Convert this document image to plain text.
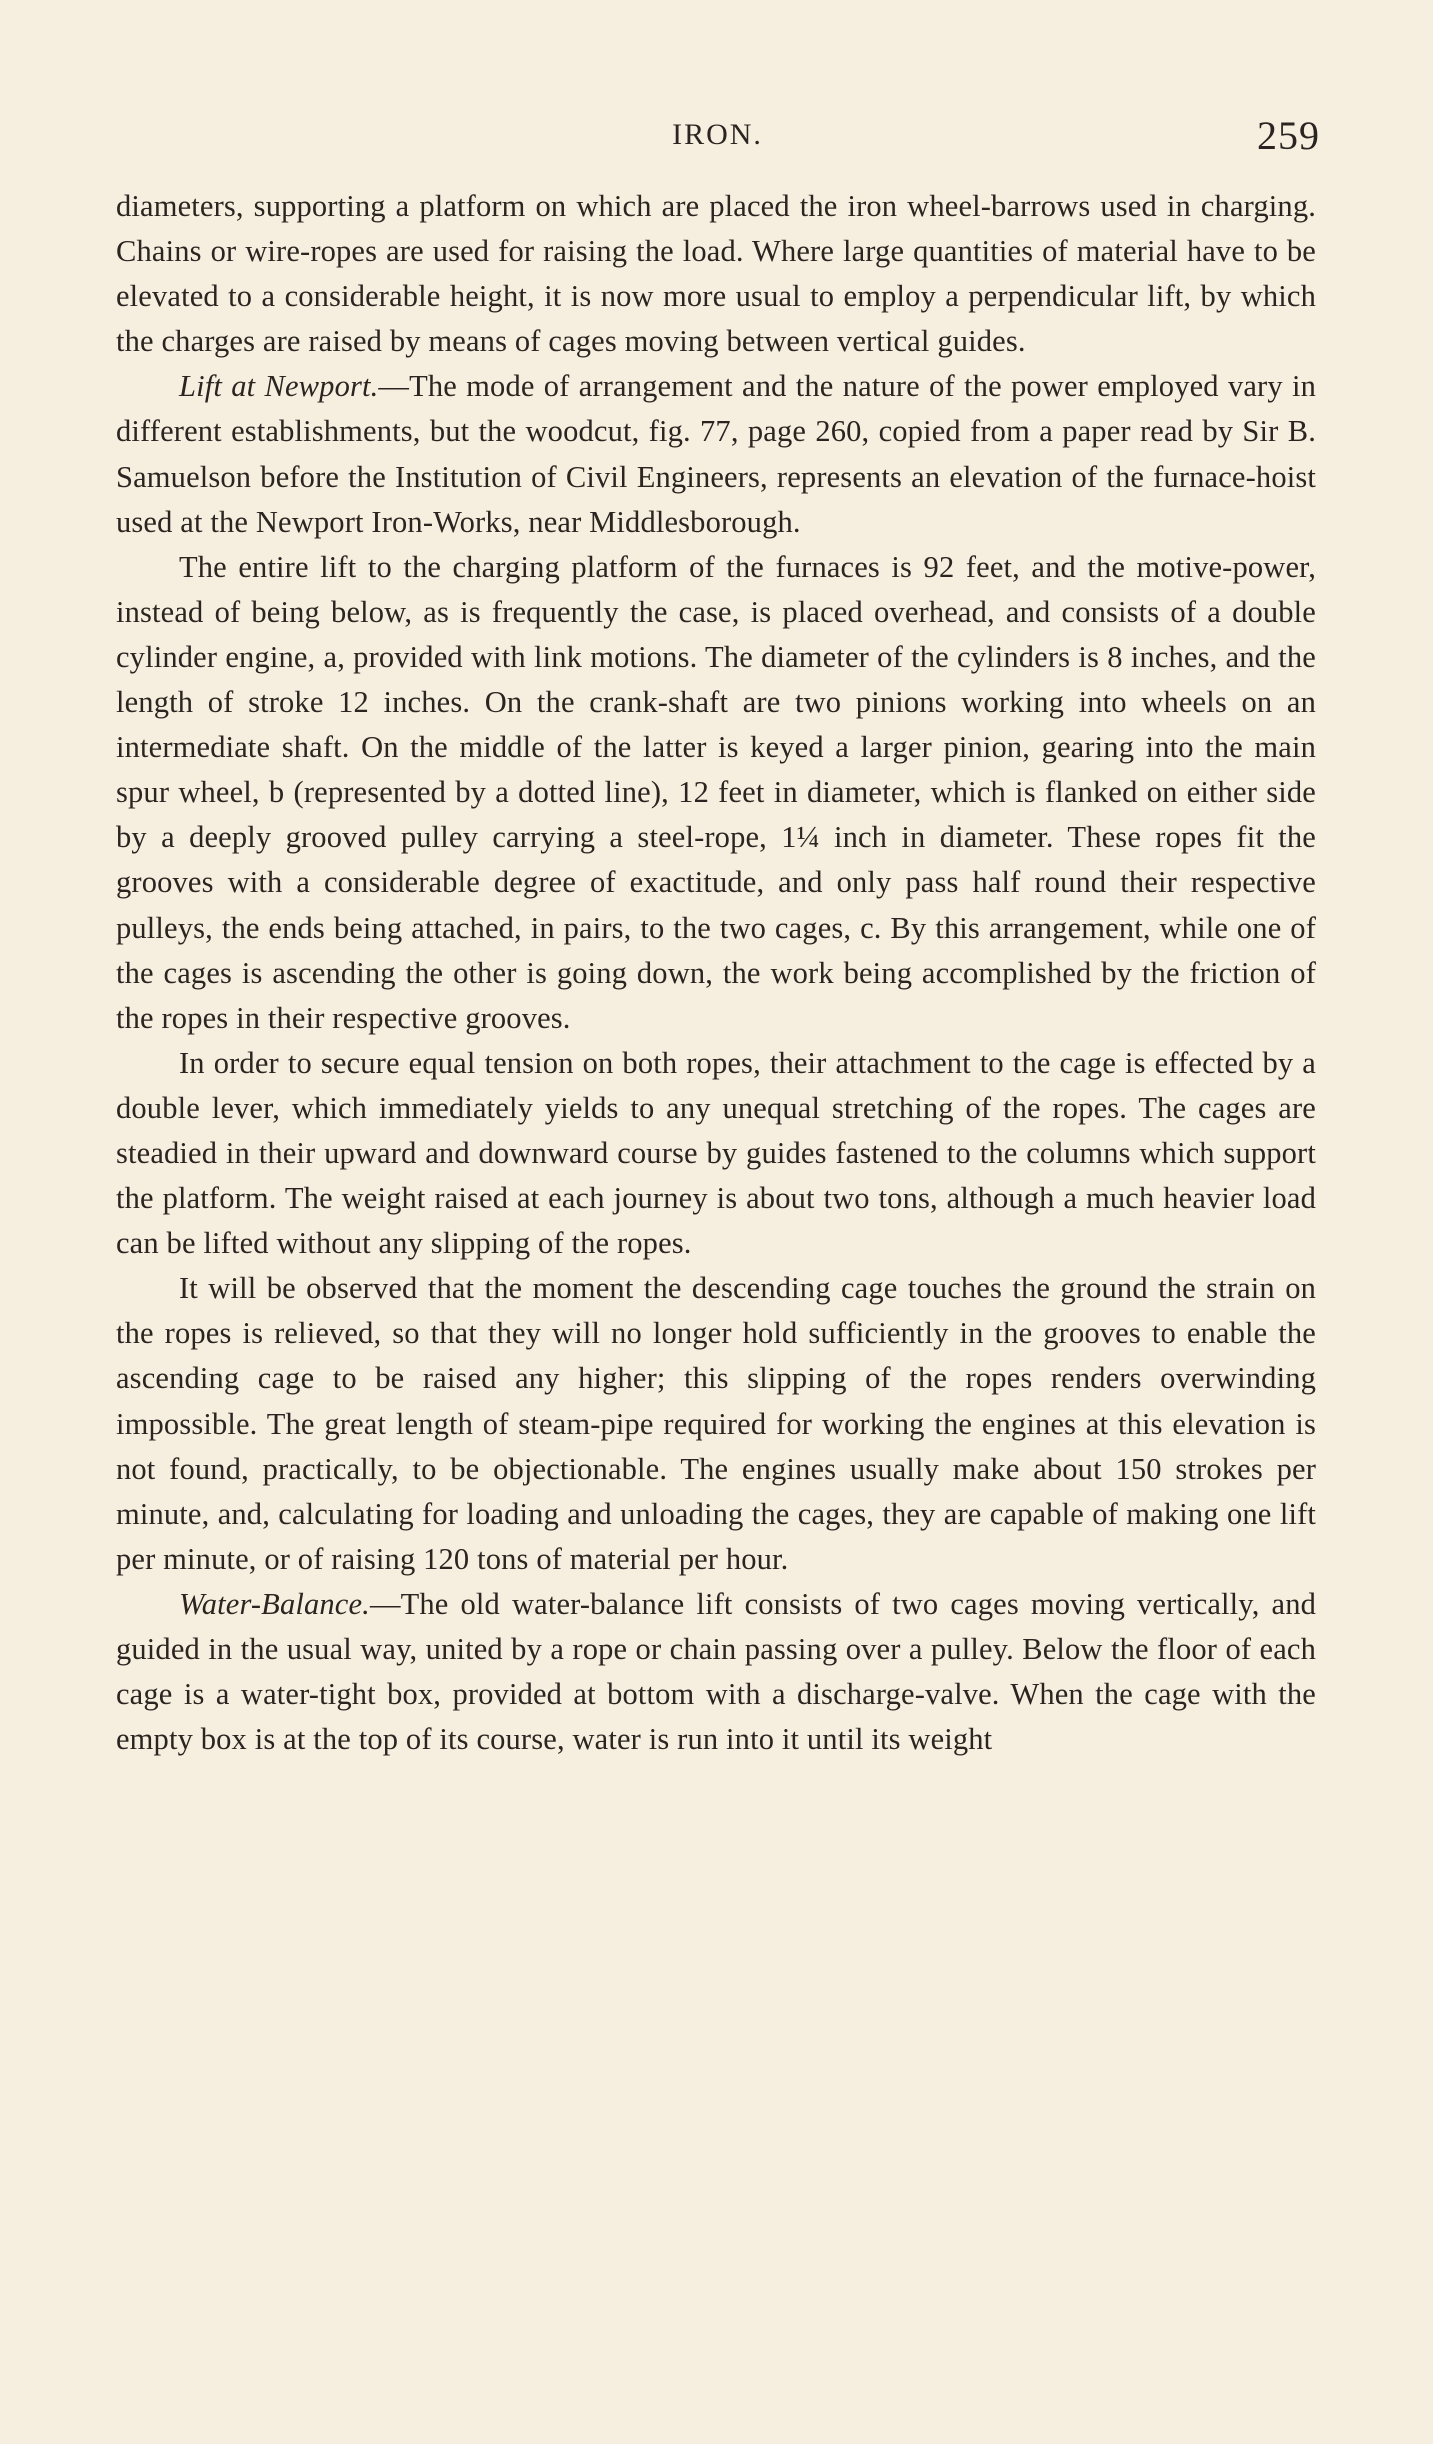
IRON.	259

diameters, supporting a platform on which are placed the iron wheel-barrows used in charging. Chains or wire-ropes are used for raising the load. Where large quantities of material have to be elevated to a considerable height, it is now more usual to employ a perpendicular lift, by which the charges are raised by means of cages moving between vertical guides.

Lift at Newport. — The mode of arrangement and the nature of the power employed vary in different establishments, but the woodcut, fig. 77, page 260, copied from a paper read by Sir B. Samuelson before the Institution of Civil Engineers, represents an elevation of the furnace-hoist used at the Newport Iron-Works, near Middlesborough.

The entire lift to the charging platform of the furnaces is 92 feet, and the motive-power, instead of being below, as is frequently the case, is placed overhead, and consists of a double cylinder engine, a, provided with link motions. The diameter of the cylinders is 8 inches, and the length of stroke 12 inches. On the crank-shaft are two pinions working into wheels on an intermediate shaft. On the middle of the latter is keyed a larger pinion, gearing into the main spur wheel, b (represented by a dotted line), 12 feet in diameter, which is flanked on either side by a deeply grooved pulley carrying a steel-rope, 1¼ inch in diameter. These ropes fit the grooves with a considerable degree of exactitude, and only pass half round their respective pulleys, the ends being attached, in pairs, to the two cages, c. By this arrangement, while one of the cages is ascending the other is going down, the work being accomplished by the friction of the ropes in their respective grooves.

In order to secure equal tension on both ropes, their attachment to the cage is effected by a double lever, which immediately yields to any unequal stretching of the ropes. The cages are steadied in their upward and downward course by guides fastened to the columns which support the platform. The weight raised at each journey is about two tons, although a much heavier load can be lifted without any slipping of the ropes.

It will be observed that the moment the descending cage touches the ground the strain on the ropes is relieved, so that they will no longer hold sufficiently in the grooves to enable the ascending cage to be raised any higher; this slipping of the ropes renders overwinding impossible. The great length of steam-pipe required for working the engines at this elevation is not found, practically, to be objectionable. The engines usually make about 150 strokes per minute, and, calculating for loading and unloading the cages, they are capable of making one lift per minute, or of raising 120 tons of material per hour.

Water-Balance. — The old water-balance lift consists of two cages moving vertically, and guided in the usual way, united by a rope or chain passing over a pulley. Below the floor of each cage is a water-tight box, provided at bottom with a discharge-valve. When the cage with the empty box is at the top of its course, water is run into it until its weight
